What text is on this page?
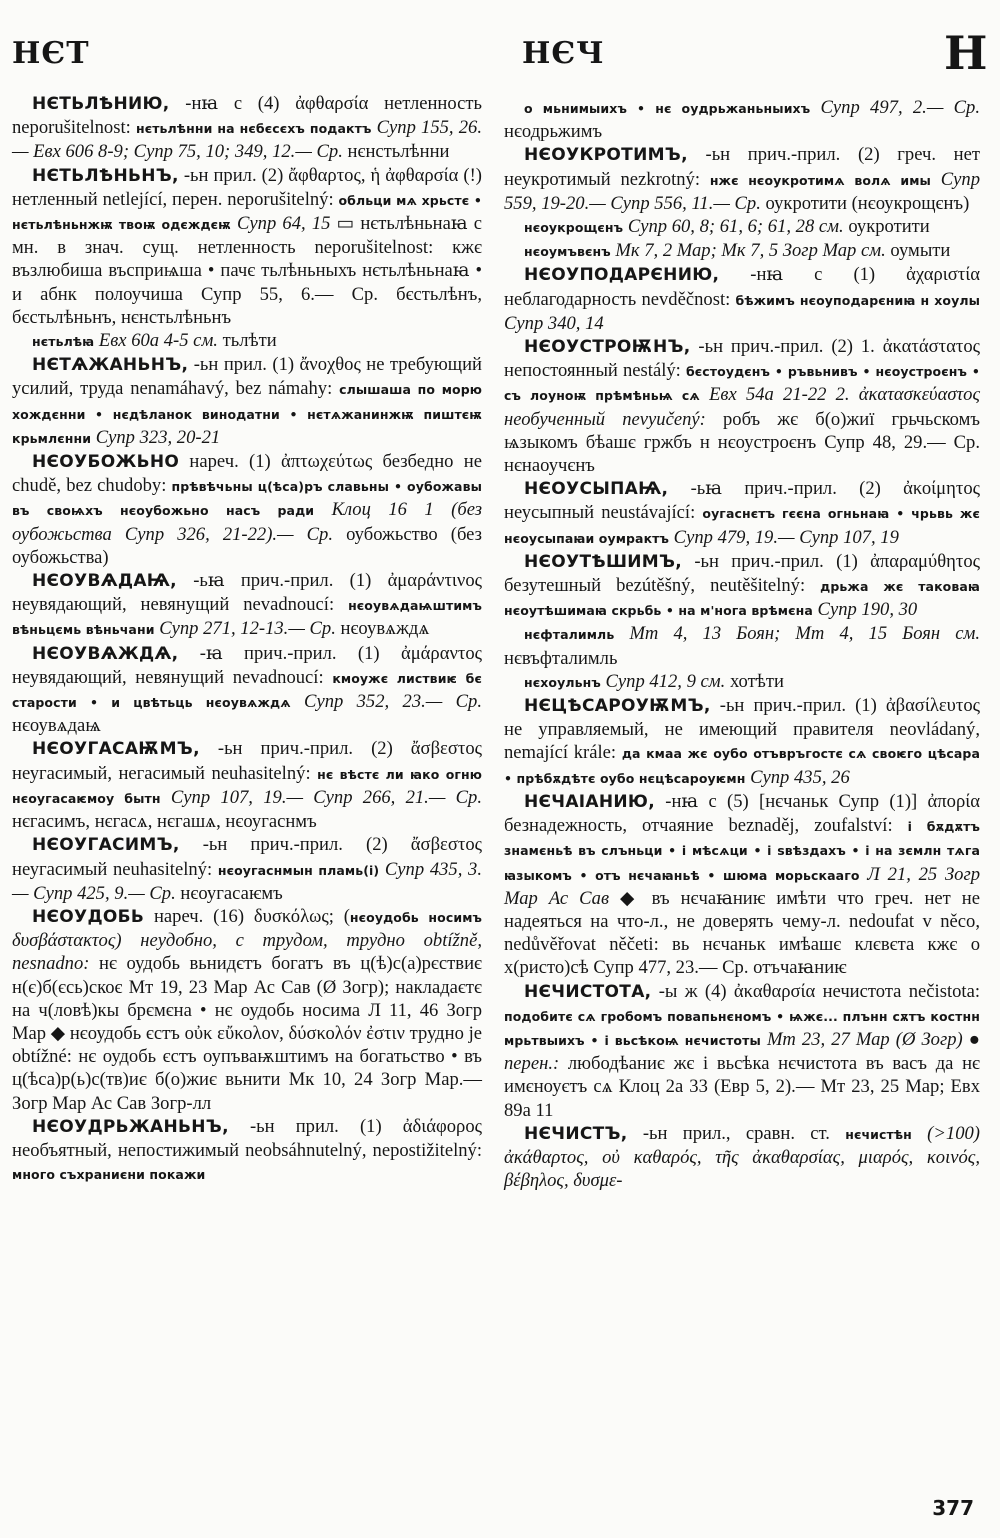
НЄТ	НЄЧ	Н

НЄТЬЛѢНИЮ, -нꙗ с (4) ἀφθαρσία нетленность neporušitelnost: нєтьлѣнни на нєбєсєхъ подактъ Супр 155, 26.— Евх 606 8-9; Супр 75, 10; 349, 12.— Ср. нєнстьлѣнни

НЄТЬЛѢНЬНЪ, -ьн прил. (2) ἄφθαρτος, ἡ ἀφθαρσία (!) нетленный netlející, перен. neporušitelný: обльци мѧ хрьстє • нєтьлѣньнжѭ твоѭ одєждєѭ Супр 64, 15 ▭ нєтьлѣньнаꙗ с мн. в знач. сущ. нетленность neporušitelnost: кжє възлюбиша въсприѩша • пачє тьлѣньныхъ нєтьлѣньнаꙗ • и абнк полоучиша Супр 55, 6.— Ср. бєстьлѣнъ, бєстьлѣньнъ, нєнстьлѣньнъ

нєтьлѣꙗ Евх 60а 4-5 см. тьлѣти

НЄТѦЖАНЬНЪ, -ьн прил. (1) ἄνοχθος не требующий усилий, труда nenamáhavý, bez námahy: слышаша по морю хождєнни • нєдѣланок винодатни • нєтѧжанинжѭ пиштєѭ крьмлєнни Супр 323, 20-21

НЄОУБОЖЬНО нареч. (1) ἀπτωχεύτως безбедно не chudě, bez chudoby: прѣвѣчьны ц(ѣса)ръ славьны • оубожавы въ своѩхъ нєоубожьно насъ ради Клоц 16 1 (без оубожьства Супр 326, 21-22).— Ср. оубожьство (без оубожьства)

НЄОУВѦДАѨ, -ьꙗ прич.-прил. (1) ἀμαράντινος неувядающий, невянущий nevadnoucí: нєоувѧдаѩштимъ вѣньцємь вѣньчани Супр 271, 12-13.— Ср. нєоувѧждѧ

НЄОУВѦЖДѦ, -ꙗ прич.-прил. (1) ἀμάραντος неувядающий, невянущий nevadnoucí: кмоужє листвиѥ бє старости • и цвѣтьць нєоувѧждѧ Супр 352, 23.— Ср. нєоувѧдаѩ

НЄОУГАСАѬМЪ, -ьн прич.-прил. (2) ἄσβεστος неугасимый, негасимый neuhasitelný: нє вѣстє ли ꙗко огню нєоугасаѥмоу бытн Супр 107, 19.— Супр 266, 21.— Ср. нєгасимъ, нєгасѧ, нєгашѧ, нєоугаснмъ

НЄОУГАСИМЪ, -ьн прич.-прил. (2) ἄσβεστος неугасимый neuhasitelný: нєоугаснмын пламь(і) Супр 435, 3.— Супр 425, 9.— Ср. нєоугасаѥмъ

НЄОУДОБЬ нареч. (16) δυσκόλως; (нєоудобь носимъ δυσβάστακτος) неудобно, с трудом, трудно obtížně, nesnadno: нє оудобь вьнидєтъ богатъ въ ц(ѣ)с(а)рєствиє н(є)б(єсь)скоє Мт 19, 23 Мар Ас Сав (Ø Зогр); накладаєтє на ч(ловѣ)кы брємєна • нє оудобь носима Л 11, 46 Зогр Мар ◆ нєоудобь єстъ οὐκ εὔκολον, δύσκολόν ἐστιν трудно je obtížné: нє оудобь єстъ оупъваѭштимъ на богатьство • въ ц(ѣса)р(ь)с(тв)иє б(о)жиє вьнити Мк 10, 24 Зогр Мар.— Зогр Мар Ас Сав Зогр-лл

НЄОУДРЬЖАНЬНЪ, -ьн прил. (1) ἀδιάφορος необъятный, непостижимый neobsáhnutelný, nepostižitelný: много съхраниєни покажи

о мьнимыихъ • нє оудрьжаньныихъ Супр 497, 2.— Ср. нєодрьжимъ

НЄОУКРОТИМЪ, -ьн прич.-прил. (2) греч. нет неукротимый nezkrotný: нжє нєоукротимѧ волѧ имы Супр 559, 19-20.— Супр 556, 11.— Ср. оукротити (нєоукрощєнъ)

нєоукрощєнъ Супр 60, 8; 61, 6; 61, 28 см. оукротити

нєоумъвєнъ Мк 7, 2 Мар; Мк 7, 5 Зогр Мар см. оумыти

НЄОУПОДАРЄНИЮ, -нꙗ с (1) ἀχαριστία неблагодарность nevděčnost: бѣжимъ нєоуподарєниꙗ н хоулы Супр 340, 14

НЄОУСТРОѬНЪ, -ьн прич.-прил. (2) 1. ἀκατάστατος непостоянный nestálý: бєстоудєнъ • ръвьнивъ • нєоустроєнъ • съ лоуноѭ прѣмѣньѩ сѧ Евх 54а 21-22 2. ἀκατασκεύαστος необученный nevyučený: робъ жє б(о)жиї грьчьскомъ ѩзыкомъ бѣашє гржбъ н нєоустроєнъ Супр 48, 29.— Ср. нєнаоучєнъ

НЄОУСЫПАѨ, -ьꙗ прич.-прил. (2) ἀκοίμητος неусыпный neustávající: оугаснєтъ гєєна огньнаꙗ • чрьвь жє нєоусыпаꙗи оумрактъ Супр 479, 19.— Супр 107, 19

НЄОУТѢШИМЪ, -ьн прич.-прил. (1) ἀπαραμύθητος безутешный bezútěšný, neutěšitelný: дрьжа жє таковаꙗ нєоутѣшимаꙗ скрьбь • на м'нога врѣмєна Супр 190, 30

нєфталимль Мт 4, 13 Боян; Мт 4, 15 Боян см. нєвъфталимль

нєхоульнъ Супр 412, 9 см. хотѣти

НЄЦѢСАРОУѬМЪ, -ьн прич.-прил. (1) ἀβασίλευτος не управляемый, не имеющий правителя neovládaný, nemající krále: да кмаа жє оубо отъвръгостє сѧ своѥго цѣсара • прѣбѫдѣтє оубо нєцѣсароуѥмн Супр 435, 26

НЄЧАIАНИЮ, -нꙗ с (5) [нєчаньк Супр (1)] ἀπορία безнадежность, отчаяние beznaděj, zoufalství: і бѫдѫтъ знамєньѣ въ слъньци • і мѣсѧци • і ѕвѣздахъ • і на зємлн тѧга ꙗзыкомъ • отъ нєчаꙗньѣ • шюма морьскааго Л 21, 25 Зогр Мар Ас Сав ◆ въ нєчаꙗниѥ имѣти что греч. нет не надеяться на что-л., не доверять чему-л. nedoufat v něco, nedůvěřovat něčeti: вь нєчаньк имѣашє клєвєта кжє о х(ристо)сѣ Супр 477, 23.— Ср. отъчаꙗниѥ

НЄЧИСТОТА, -ы ж (4) ἀκαθαρσία нечистота nečistota: подобитє сѧ гробомъ повапьнєномъ • ѩжє... плънн сѫтъ костнн мрьтвыихъ • і вьсѣкоѩ нєчистоты Мт 23, 27 Мар (Ø Зогр) ● перен.: любодѣаниє жє і вьсѣка нєчистота въ васъ да нє имєноуєтъ сѧ Клоц 2а 33 (Евр 5, 2).— Мт 23, 25 Мар; Евх 89а 11

НЄЧИСТЪ, -ьн прил., сравн. ст. нєчистѣн (>100) ἀκάθαρτος, οὐ καθαρός, τῆς ἀκαθαρσίας, μιαρός, κοινός, βέβηλος, δυσμε-

377
